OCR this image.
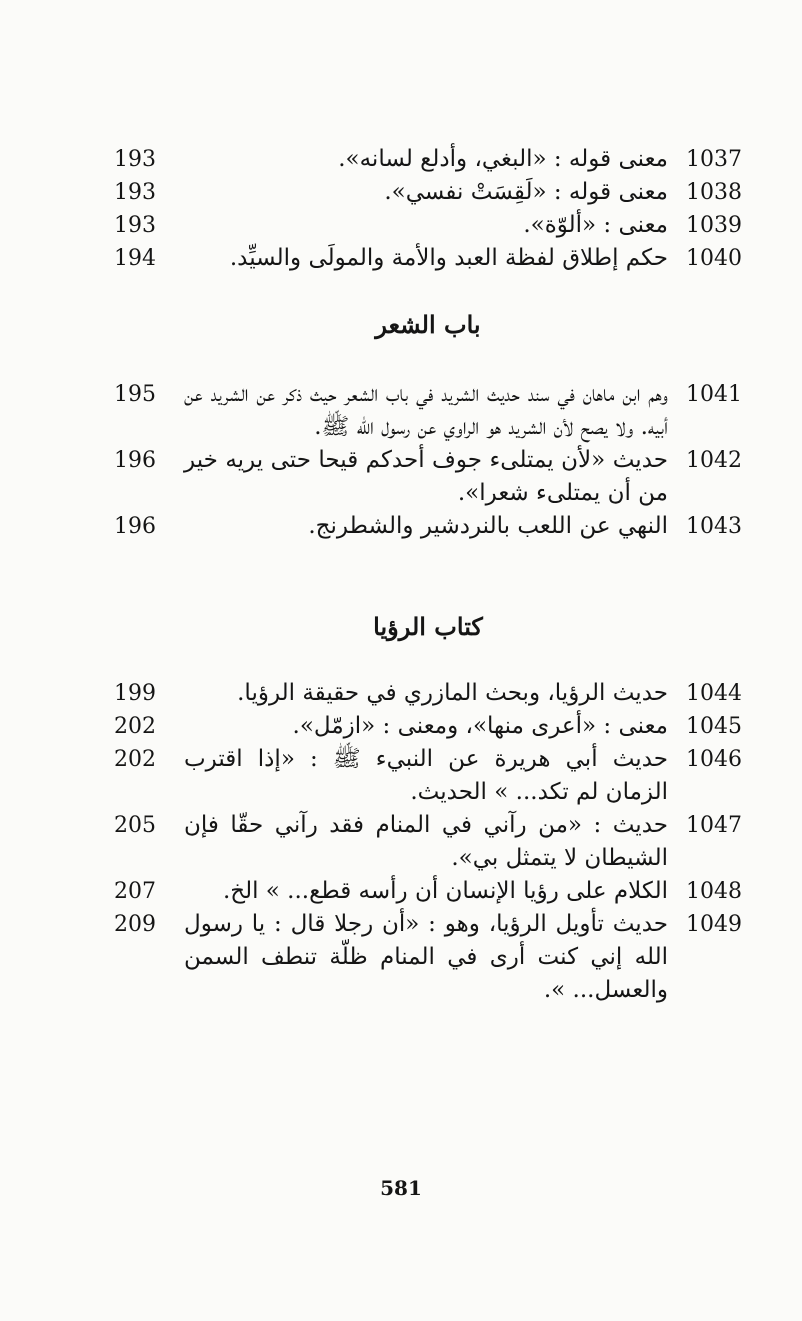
1037
معنى قوله : «البغي، وأدلع لسانه».
193
1038
معنى قوله : «لَقِسَتْ نفسي».
193
1039
معنى : «ألوّة».
193
1040
حكم إطلاق لفظة العبد والأمة والمولَى والسيِّد.
194
باب الشعر
1041
وهم ابن ماهان في سند حديث الشريد في باب الشعر حيث ذكر عن الشريد عن أبيه. ولا يصح لأن الشريد هو الراوي عن رسول الله ﷺ.
195
1042
حديث «لأن يمتلىء جوف أحدكم قيحا حتى يريه خير من أن يمتلىء شعرا».
196
1043
النهي عن اللعب بالنردشير والشطرنج.
196
كتاب الرؤيا
1044
حديث الرؤيا، وبحث المازري في حقيقة الرؤيا.
199
1045
معنى : «أعرى منها»، ومعنى : «ازمّل».
202
1046
حديث أبي هريرة عن النبيء ﷺ : «إذا اقترب الزمان لم تكد... » الحديث.
202
1047
حديث : «من رآني في المنام فقد رآني حقّا فإن الشيطان لا يتمثل بي».
205
1048
الكلام على رؤيا الإنسان أن رأسه قطع... » الخ.
207
1049
حديث تأويل الرؤيا، وهو : «أن رجلا قال : يا رسول الله إني كنت أرى في المنام ظلّة تنطف السمن والعسل... ».
209
581
